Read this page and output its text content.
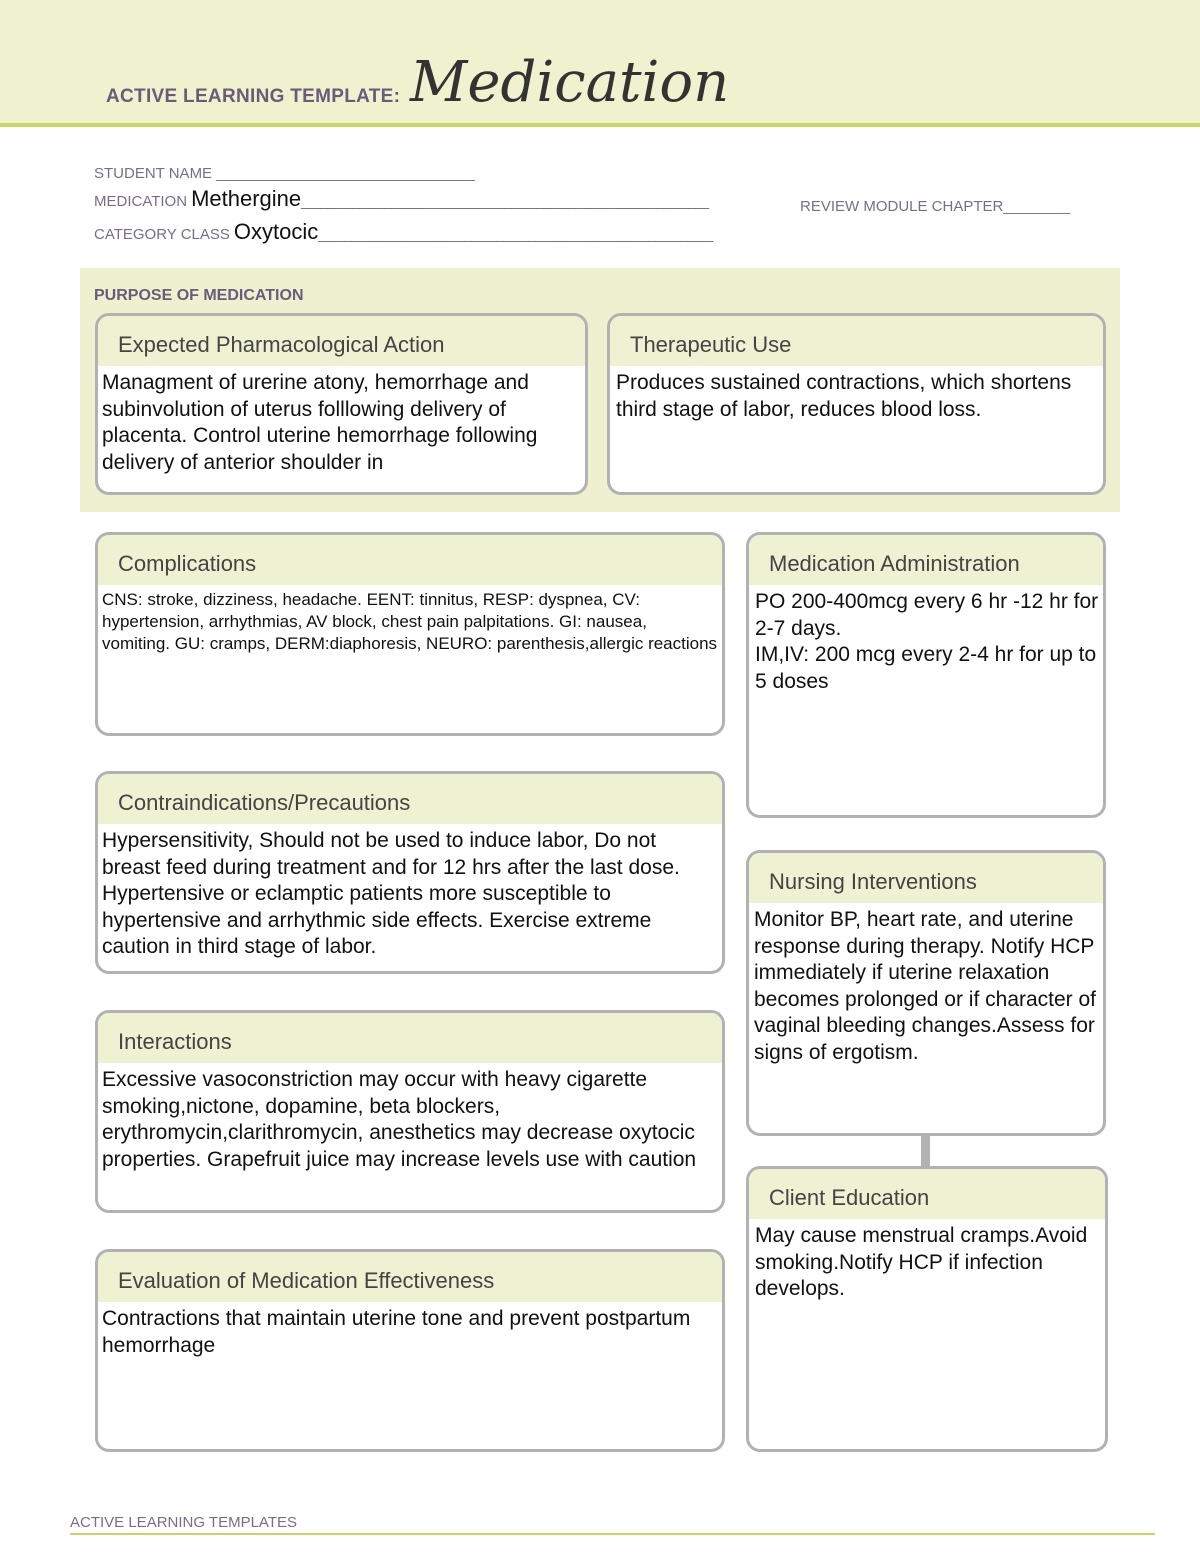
ACTIVE LEARNING TEMPLATE: Medication
STUDENT NAME
_______________________________
MEDICATION Methergine ________________________________________________________________	REVIEW MODULE CHAPTER ________
CATEGORY CLASS Oxytocic ______________________________________________________________
PURPOSE OF MEDICATION
Expected Pharmacological Action
Managment of urerine atony, hemorrhage and subinvolution of uterus folllowing delivery of placenta. Control uterine hemorrhage following delivery of anterior shoulder in
Therapeutic Use
Produces sustained contractions, which shortens third stage of labor, reduces blood loss.
Complications
CNS: stroke, dizziness, headache. EENT: tinnitus, RESP: dyspnea, CV: hypertension, arrhythmias, AV block, chest pain palpitations. GI: nausea, vomiting. GU: cramps, DERM:diaphoresis, NEURO: parenthesis,allergic reactions
Contraindications/Precautions
Hypersensitivity, Should not be used to induce labor, Do not breast feed during treatment and for 12 hrs after the last dose. Hypertensive or eclamptic patients more susceptible to hypertensive and arrhythmic side effects. Exercise extreme caution in third stage of labor.
Interactions
Excessive vasoconstriction may occur with heavy cigarette smoking,nictone, dopamine, beta blockers, erythromycin,clarithromycin, anesthetics may decrease oxytocic properties. Grapefruit juice may increase levels use with caution
Evaluation of Medication Effectiveness
Contractions that maintain uterine tone and prevent postpartum hemorrhage
Medication Administration
PO 200-400mcg every 6 hr -12 hr for 2-7 days.
IM,IV: 200 mcg every 2-4 hr for up to 5 doses
Nursing Interventions
Monitor BP, heart rate, and uterine response during therapy. Notify HCP immediately if uterine relaxation becomes prolonged or if character of vaginal bleeding changes.Assess for signs of ergotism.
Client Education
May cause menstrual cramps.Avoid smoking.Notify HCP if infection develops.
ACTIVE LEARNING TEMPLATES
